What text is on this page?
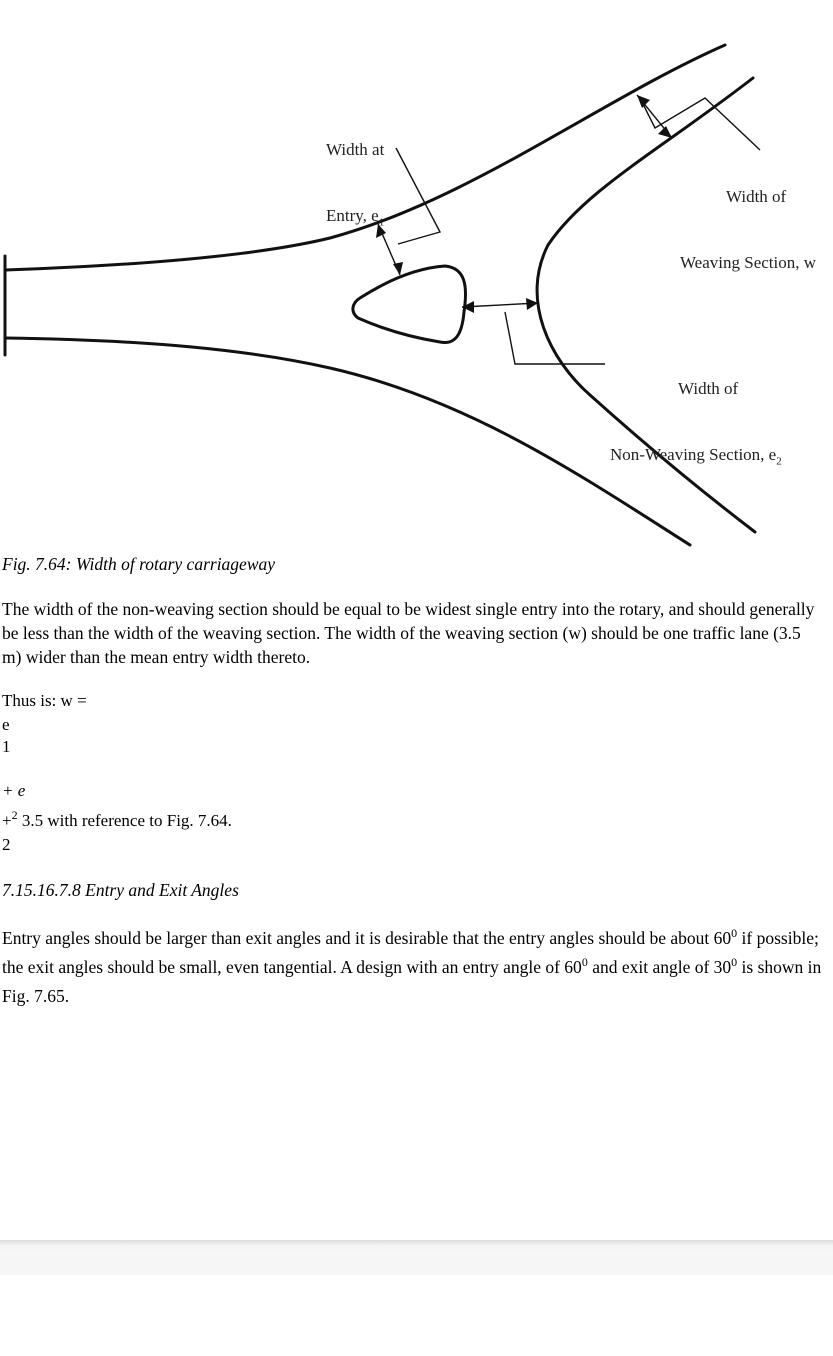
Width at

Entry, $e_1$

Width of

Weaving Section, w

Width of

Non-Weaving Section, $e_2$

Fig. 7.64: Width of rotary carriageway
The width of the non-weaving section should be equal to be widest single entry into the rotary, and should generally be less than the width of the weaving section. The width of the weaving section (w) should be one traffic lane (3.5 m) wider than the mean entry width thereto.
Thus is: w =
e
1
+ e
+$^2$ 3.5 with reference to Fig. 7.64.
2
7.15.16.7.8 Entry and Exit Angles
Entry angles should be larger than exit angles and it is desirable that the entry angles should be about $60^0$ if possible; the exit angles should be small, even tangential. A design with an entry angle of $60^0$ and exit angle of $30^0$ is shown in Fig. 7.65.
